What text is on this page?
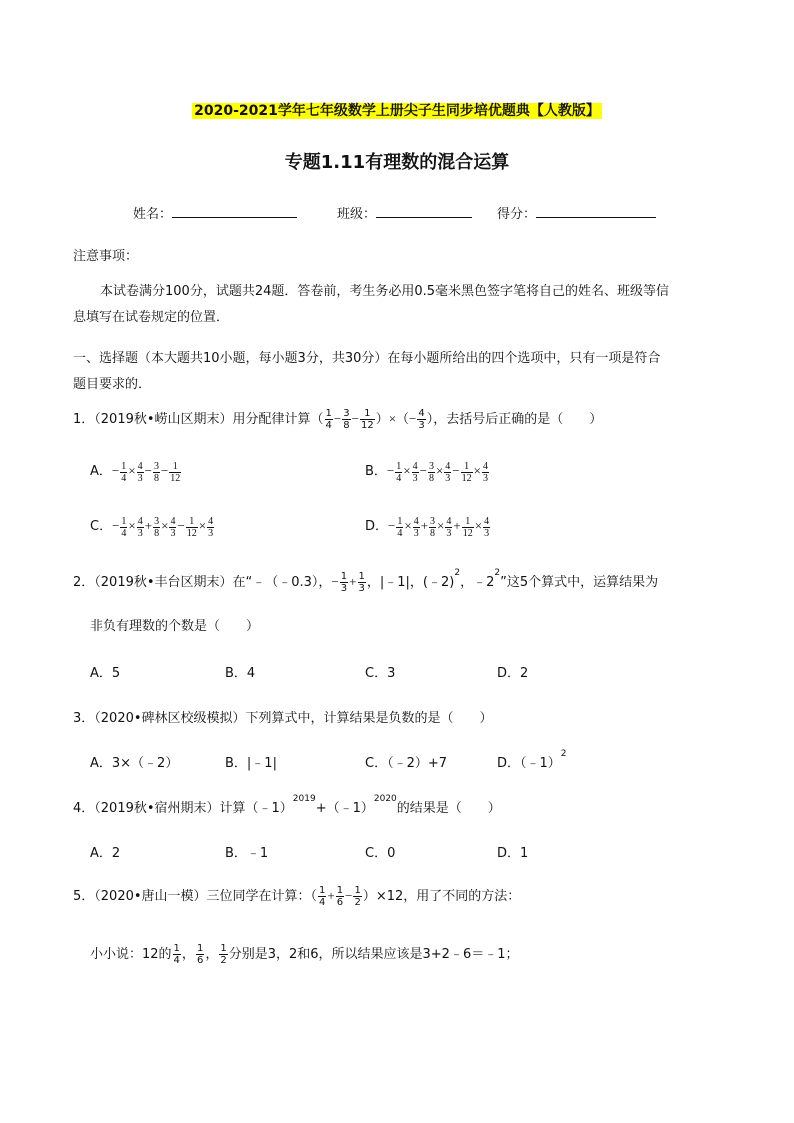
2020-2021学年七年级数学上册尖子生同步培优题典【人教版】
专题1.11有理数的混合运算
姓名：	班级：	得分：
注意事项：
本试卷满分100分，试题共24题．答卷前，考生务必用0.5毫米黑色签字笔将自己的姓名、班级等信
息填写在试卷规定的位置．
一、选择题（本大题共10小题，每小题3分，共30分）在每小题所给出的四个选项中，只有一项是符合
题目要求的．
1．（2019秋•崂山区期末）用分配律计算（ $\frac{1}{4} - \frac{3}{8} - \frac{1}{12}$ ）×（− $\frac{4}{3}$ ），去括号后正确的是（　　）
A．− $\frac{1}{4} \times \frac{4}{3} - \frac{3}{8} - \frac{1}{12}$	B．− $\frac{1}{4} \times \frac{4}{3} - \frac{3}{8} \times \frac{4}{3} - \frac{1}{12} \times \frac{4}{3}$
C．− $\frac{1}{4} \times \frac{4}{3} + \frac{3}{8} \times \frac{4}{3} - \frac{1}{12} \times \frac{4}{3}$	D．− $\frac{1}{4} \times \frac{4}{3} + \frac{3}{8} \times \frac{4}{3} + \frac{1}{12} \times \frac{4}{3}$
2．（2019秋•丰台区期末）在“﹣（﹣0.3），− $\frac{1}{3} + \frac{1}{3}$ ，|﹣1|，(﹣2)$^2$，$﹣2^2$”这5个算式中，运算结果为
非负有理数的个数是（　　）
A．5	B．4	C．3	D．2
3．（2020•碑林区校级模拟）下列算式中，计算结果是负数的是（　　）
A．3×（﹣2）	B．|﹣1|	C．（﹣2）+7	D．（﹣1）$^2$
4．（2019秋•宿州期末）计算（﹣1）$^{2019}$+（﹣1）$^{2020}$的结果是（　　）
A．2	B．﹣1	C．0	D．1
5．（2020•唐山一模）三位同学在计算：（ $\frac{1}{4} + \frac{1}{6} - \frac{1}{2} )\times 12$，用了不同的方法：
小小说：12的 $\frac{1}{4}$ ， $\frac{1}{6}$ ， $\frac{1}{2}$ 分别是3，2和6，所以结果应该是3+2﹣6＝﹣1；
